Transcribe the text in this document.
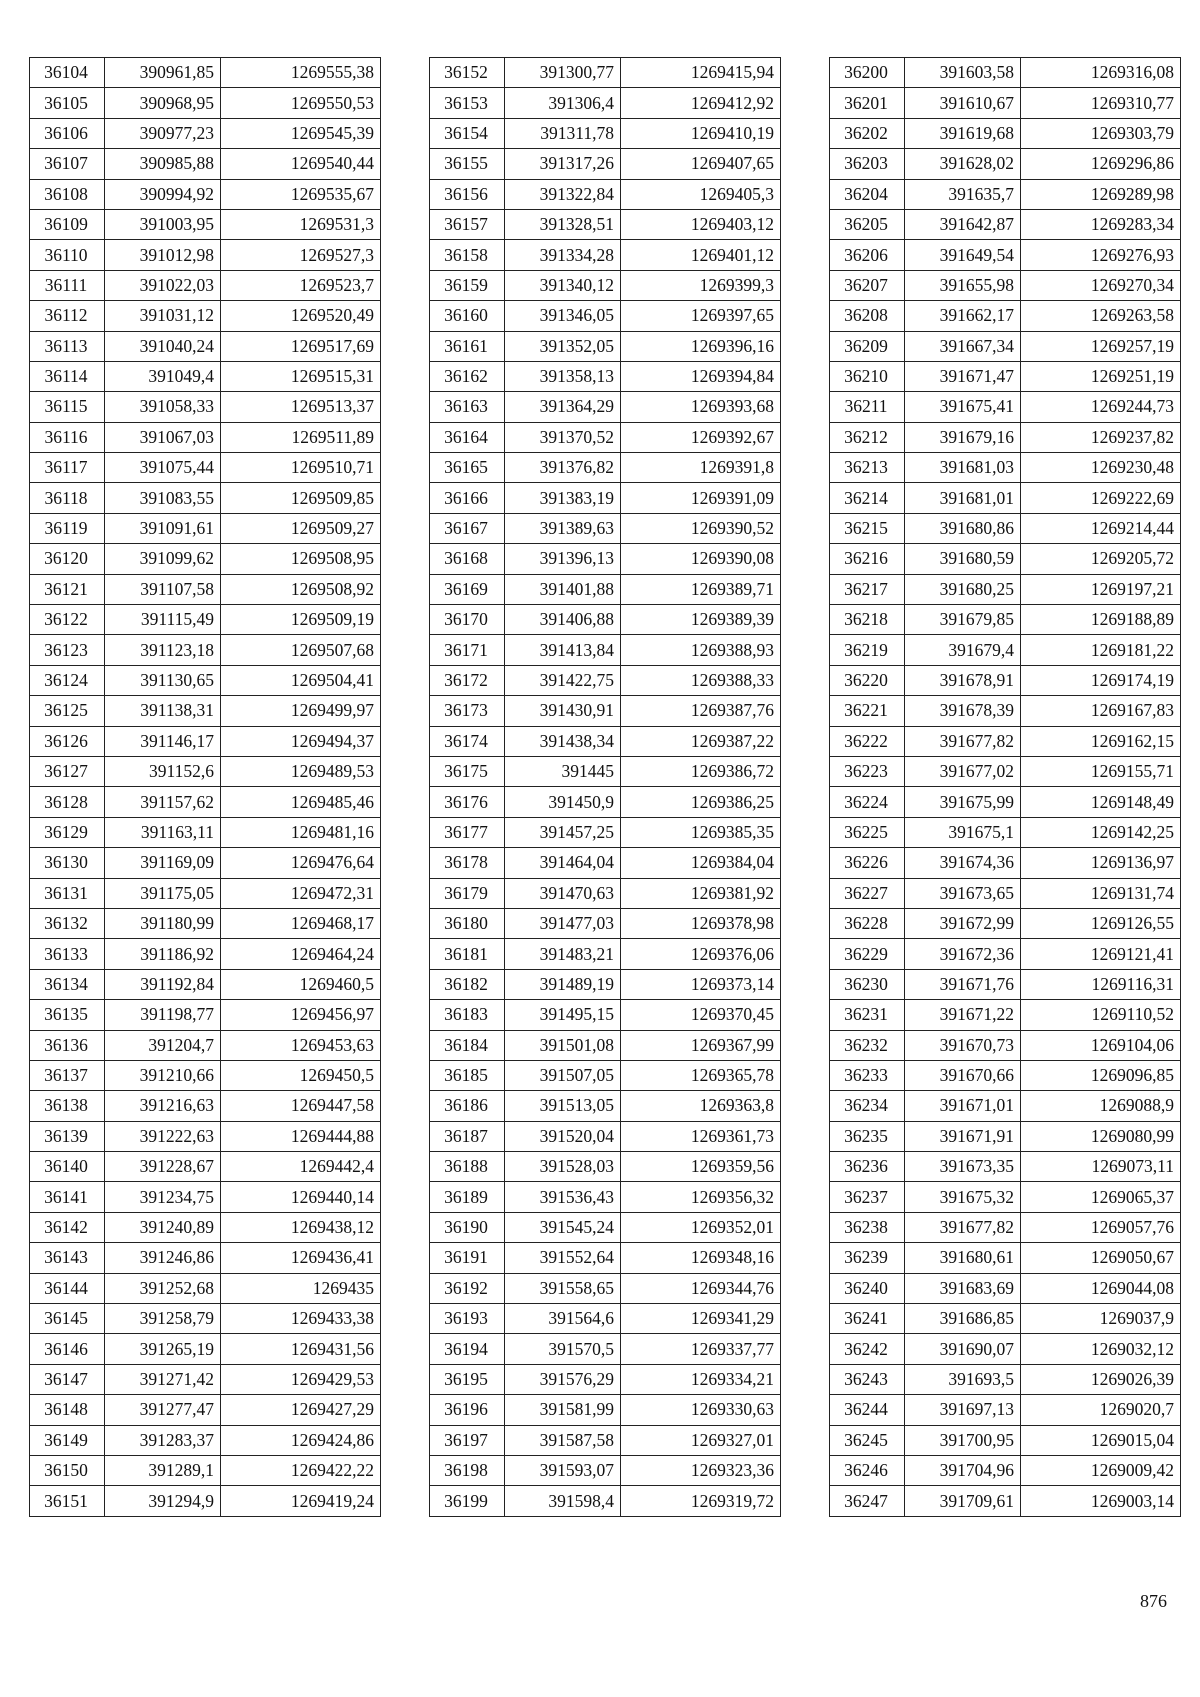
36104	390961,85	1269555,38
36105	390968,95	1269550,53
36106	390977,23	1269545,39
36107	390985,88	1269540,44
36108	390994,92	1269535,67
36109	391003,95	1269531,3
36110	391012,98	1269527,3
36111	391022,03	1269523,7
36112	391031,12	1269520,49
36113	391040,24	1269517,69
36114	391049,4	1269515,31
36115	391058,33	1269513,37
36116	391067,03	1269511,89
36117	391075,44	1269510,71
36118	391083,55	1269509,85
36119	391091,61	1269509,27
36120	391099,62	1269508,95
36121	391107,58	1269508,92
36122	391115,49	1269509,19
36123	391123,18	1269507,68
36124	391130,65	1269504,41
36125	391138,31	1269499,97
36126	391146,17	1269494,37
36127	391152,6	1269489,53
36128	391157,62	1269485,46
36129	391163,11	1269481,16
36130	391169,09	1269476,64
36131	391175,05	1269472,31
36132	391180,99	1269468,17
36133	391186,92	1269464,24
36134	391192,84	1269460,5
36135	391198,77	1269456,97
36136	391204,7	1269453,63
36137	391210,66	1269450,5
36138	391216,63	1269447,58
36139	391222,63	1269444,88
36140	391228,67	1269442,4
36141	391234,75	1269440,14
36142	391240,89	1269438,12
36143	391246,86	1269436,41
36144	391252,68	1269435
36145	391258,79	1269433,38
36146	391265,19	1269431,56
36147	391271,42	1269429,53
36148	391277,47	1269427,29
36149	391283,37	1269424,86
36150	391289,1	1269422,22
36151	391294,9	1269419,24
36152	391300,77	1269415,94
36153	391306,4	1269412,92
36154	391311,78	1269410,19
36155	391317,26	1269407,65
36156	391322,84	1269405,3
36157	391328,51	1269403,12
36158	391334,28	1269401,12
36159	391340,12	1269399,3
36160	391346,05	1269397,65
36161	391352,05	1269396,16
36162	391358,13	1269394,84
36163	391364,29	1269393,68
36164	391370,52	1269392,67
36165	391376,82	1269391,8
36166	391383,19	1269391,09
36167	391389,63	1269390,52
36168	391396,13	1269390,08
36169	391401,88	1269389,71
36170	391406,88	1269389,39
36171	391413,84	1269388,93
36172	391422,75	1269388,33
36173	391430,91	1269387,76
36174	391438,34	1269387,22
36175	391445	1269386,72
36176	391450,9	1269386,25
36177	391457,25	1269385,35
36178	391464,04	1269384,04
36179	391470,63	1269381,92
36180	391477,03	1269378,98
36181	391483,21	1269376,06
36182	391489,19	1269373,14
36183	391495,15	1269370,45
36184	391501,08	1269367,99
36185	391507,05	1269365,78
36186	391513,05	1269363,8
36187	391520,04	1269361,73
36188	391528,03	1269359,56
36189	391536,43	1269356,32
36190	391545,24	1269352,01
36191	391552,64	1269348,16
36192	391558,65	1269344,76
36193	391564,6	1269341,29
36194	391570,5	1269337,77
36195	391576,29	1269334,21
36196	391581,99	1269330,63
36197	391587,58	1269327,01
36198	391593,07	1269323,36
36199	391598,4	1269319,72
36200	391603,58	1269316,08
36201	391610,67	1269310,77
36202	391619,68	1269303,79
36203	391628,02	1269296,86
36204	391635,7	1269289,98
36205	391642,87	1269283,34
36206	391649,54	1269276,93
36207	391655,98	1269270,34
36208	391662,17	1269263,58
36209	391667,34	1269257,19
36210	391671,47	1269251,19
36211	391675,41	1269244,73
36212	391679,16	1269237,82
36213	391681,03	1269230,48
36214	391681,01	1269222,69
36215	391680,86	1269214,44
36216	391680,59	1269205,72
36217	391680,25	1269197,21
36218	391679,85	1269188,89
36219	391679,4	1269181,22
36220	391678,91	1269174,19
36221	391678,39	1269167,83
36222	391677,82	1269162,15
36223	391677,02	1269155,71
36224	391675,99	1269148,49
36225	391675,1	1269142,25
36226	391674,36	1269136,97
36227	391673,65	1269131,74
36228	391672,99	1269126,55
36229	391672,36	1269121,41
36230	391671,76	1269116,31
36231	391671,22	1269110,52
36232	391670,73	1269104,06
36233	391670,66	1269096,85
36234	391671,01	1269088,9
36235	391671,91	1269080,99
36236	391673,35	1269073,11
36237	391675,32	1269065,37
36238	391677,82	1269057,76
36239	391680,61	1269050,67
36240	391683,69	1269044,08
36241	391686,85	1269037,9
36242	391690,07	1269032,12
36243	391693,5	1269026,39
36244	391697,13	1269020,7
36245	391700,95	1269015,04
36246	391704,96	1269009,42
36247	391709,61	1269003,14
876
